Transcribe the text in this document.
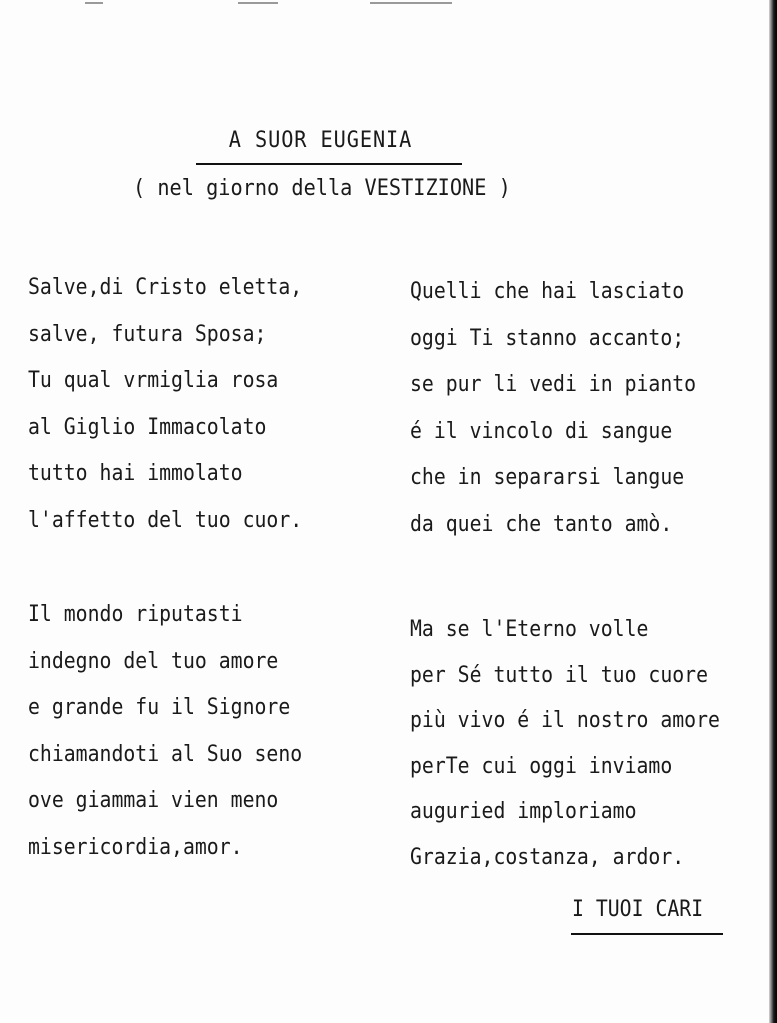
A SUOR EUGENIA
( nel giorno della VESTIZIONE )
Salve,di Cristo eletta,
salve, futura Sposa;
Tu qual vrmiglia rosa
al Giglio Immacolato
tutto hai immolato
l'affetto del tuo cuor.
Quelli che hai lasciato
oggi Ti stanno accanto;
se pur li vedi in pianto
é il vincolo di sangue
che in separarsi langue
da quei che tanto amò.
Il mondo riputasti
indegno del tuo amore
e grande fu il Signore
chiamandoti al Suo seno
ove giammai vien meno
misericordia,amor.
Ma se l'Eterno volle
per Sé tutto il tuo cuore
più vivo é il nostro amore
perTe cui oggi inviamo
auguried imploriamo
Grazia,costanza, ardor.
I TUOI CARI
